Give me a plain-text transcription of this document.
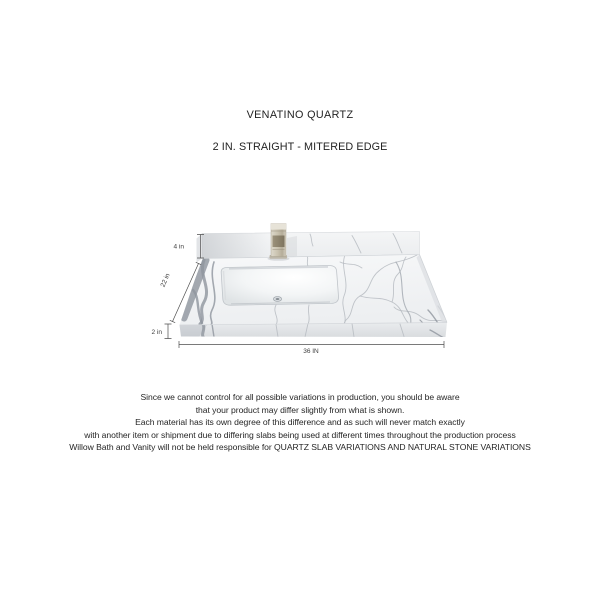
VENATINO QUARTZ
2 IN. STRAIGHT - MITERED EDGE
4 in
22 in
2 in
36 IN

Since we cannot control for all possible variations in production, you should be aware

that your product may differ slightly from what is shown.

Each material has its own degree of this difference and as such will never match exactly

with another item or shipment due to differing slabs being used at different times throughout the production process

Willow Bath and Vanity will not be held responsible for QUARTZ SLAB VARIATIONS AND NATURAL STONE VARIATIONS
